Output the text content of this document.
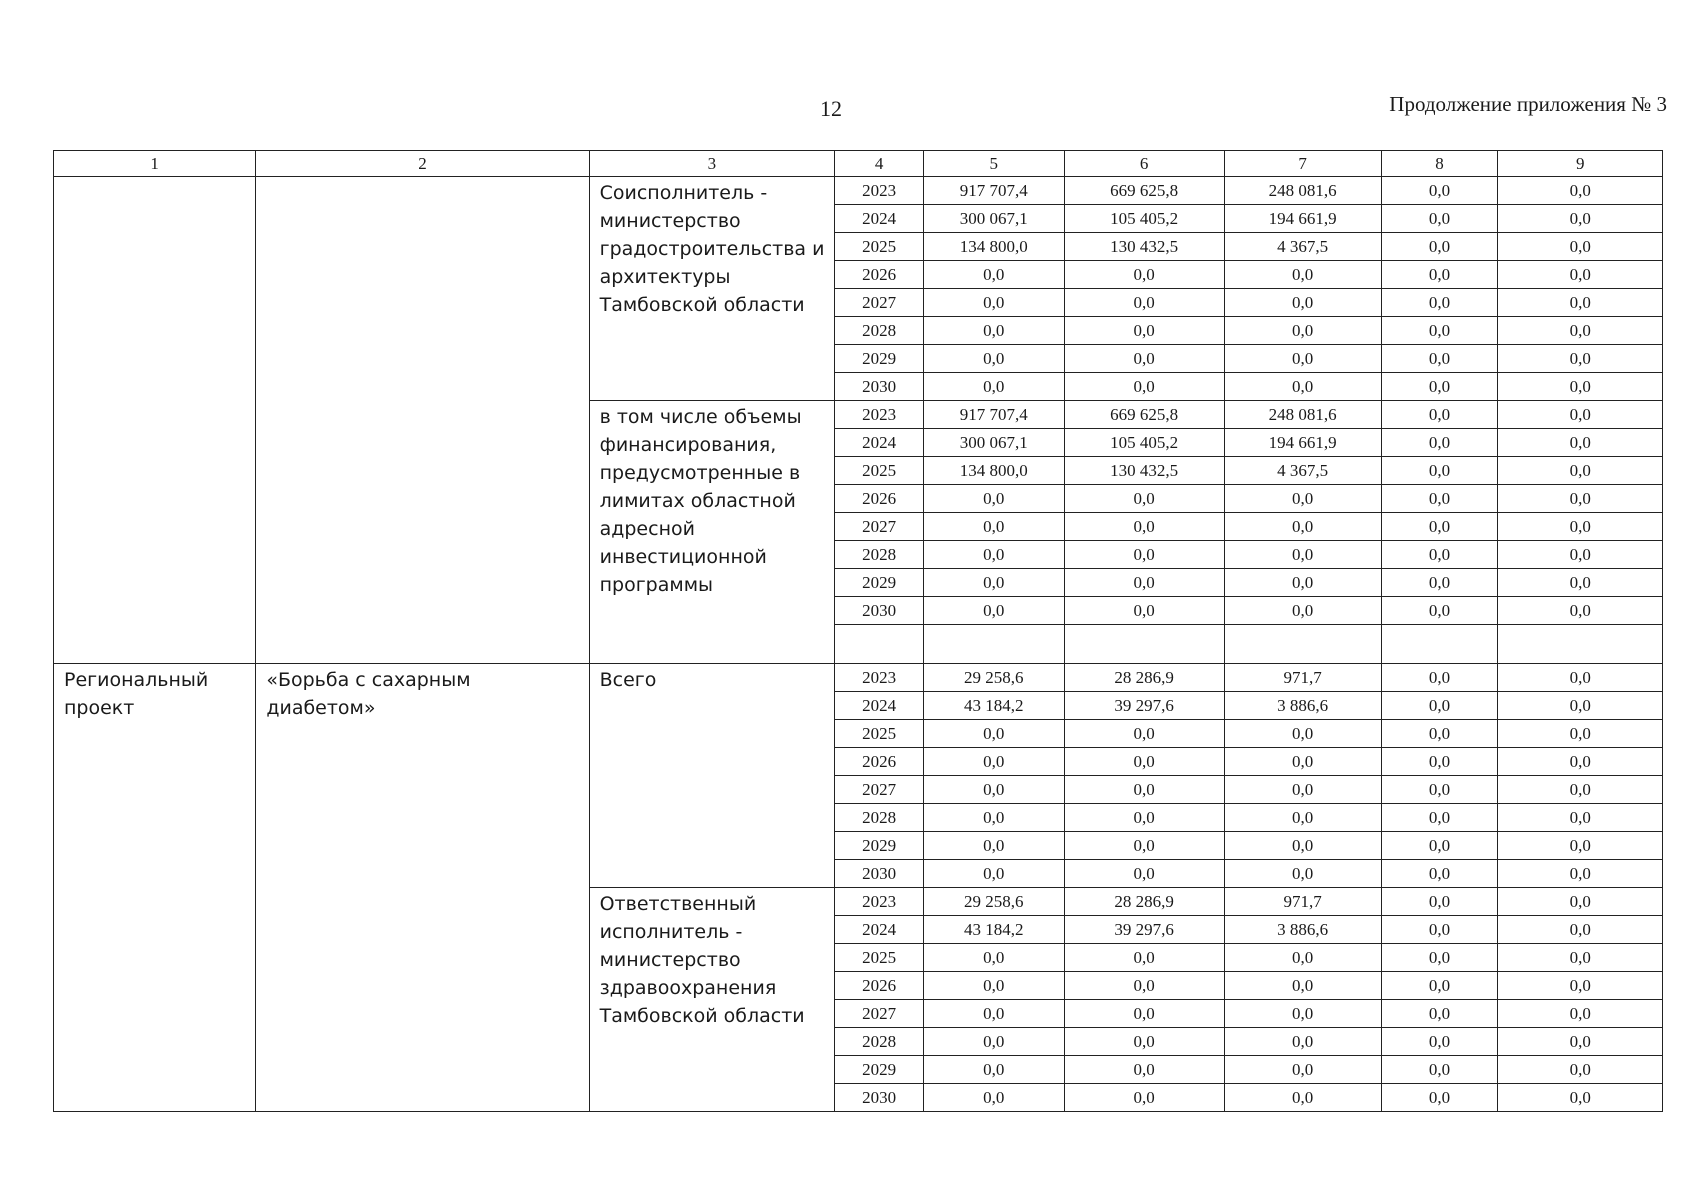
12	Продолжение приложения № 3
1	2	3	4	5	6	7	8	9
		Соисполнитель - министерство градостроительства и архитектуры Тамбовской области	2023	917 707,4	669 625,8	248 081,6	0,0	0,0
			2024	300 067,1	105 405,2	194 661,9	0,0	0,0
			2025	134 800,0	130 432,5	4 367,5	0,0	0,0
			2026	0,0	0,0	0,0	0,0	0,0
			2027	0,0	0,0	0,0	0,0	0,0
			2028	0,0	0,0	0,0	0,0	0,0
			2029	0,0	0,0	0,0	0,0	0,0
			2030	0,0	0,0	0,0	0,0	0,0
		в том числе объемы финансирования, предусмотренные в лимитах областной адресной инвестиционной программы	2023	917 707,4	669 625,8	248 081,6	0,0	0,0
			2024	300 067,1	105 405,2	194 661,9	0,0	0,0
			2025	134 800,0	130 432,5	4 367,5	0,0	0,0
			2026	0,0	0,0	0,0	0,0	0,0
			2027	0,0	0,0	0,0	0,0	0,0
			2028	0,0	0,0	0,0	0,0	0,0
			2029	0,0	0,0	0,0	0,0	0,0
			2030	0,0	0,0	0,0	0,0	0,0

Региональный проект	«Борьба с сахарным диабетом»	Всего	2023	29 258,6	28 286,9	971,7	0,0	0,0
			2024	43 184,2	39 297,6	3 886,6	0,0	0,0
			2025	0,0	0,0	0,0	0,0	0,0
			2026	0,0	0,0	0,0	0,0	0,0
			2027	0,0	0,0	0,0	0,0	0,0
			2028	0,0	0,0	0,0	0,0	0,0
			2029	0,0	0,0	0,0	0,0	0,0
			2030	0,0	0,0	0,0	0,0	0,0
		Ответственный исполнитель - министерство здравоохранения Тамбовской области	2023	29 258,6	28 286,9	971,7	0,0	0,0
			2024	43 184,2	39 297,6	3 886,6	0,0	0,0
			2025	0,0	0,0	0,0	0,0	0,0
			2026	0,0	0,0	0,0	0,0	0,0
			2027	0,0	0,0	0,0	0,0	0,0
			2028	0,0	0,0	0,0	0,0	0,0
			2029	0,0	0,0	0,0	0,0	0,0
			2030	0,0	0,0	0,0	0,0	0,0
